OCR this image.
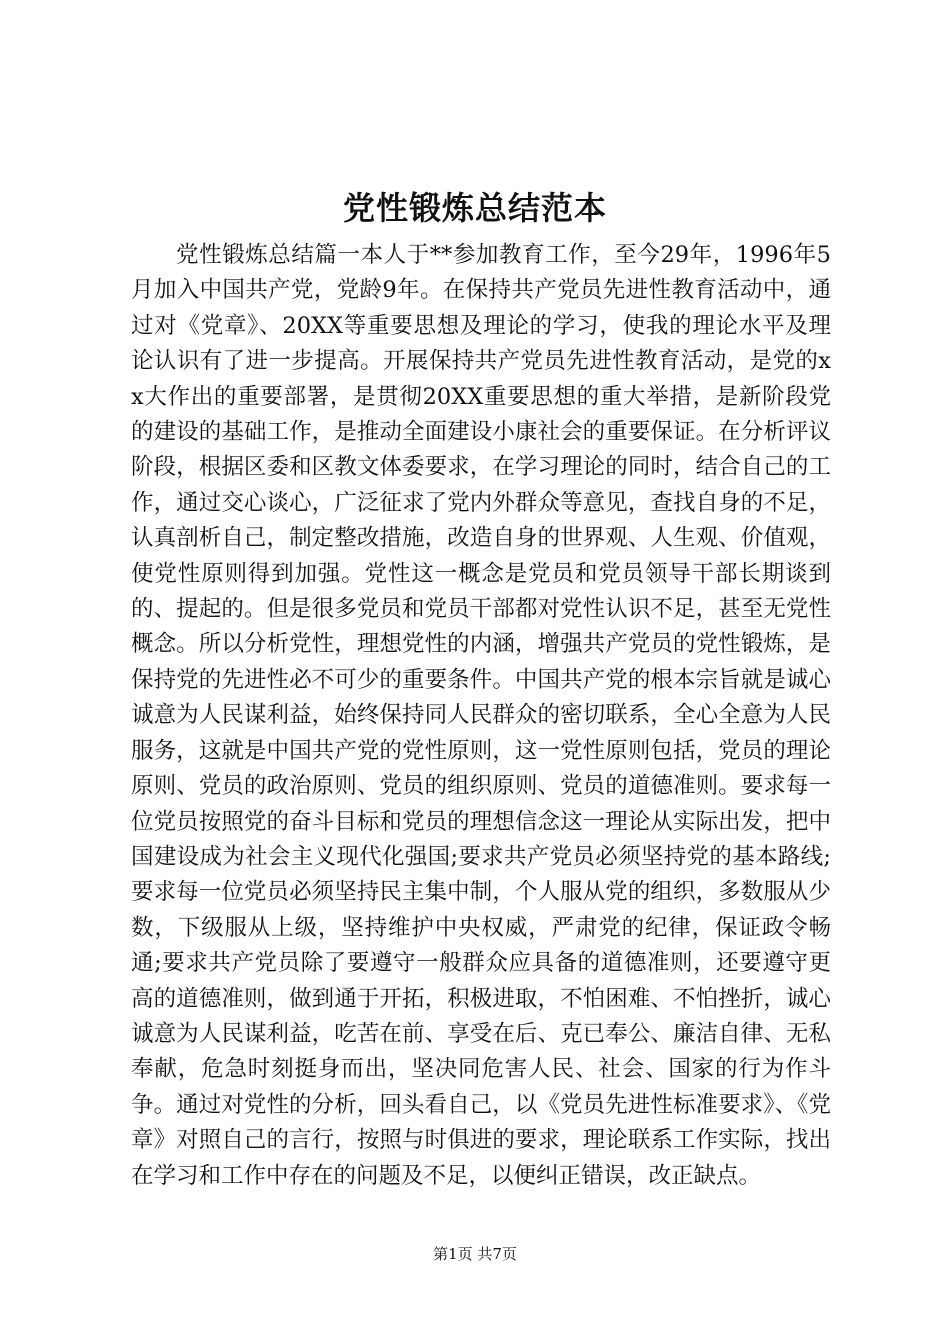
党性锻炼总结范本
党性锻炼总结篇一本人于**参加教育工作，至今29年，1996年5月加入中国共产党，党龄9年。在保持共产党员先进性教育活动中，通过对《党章》、20XX等重要思想及理论的学习，使我的理论水平及理论认识有了进一步提高。开展保持共产党员先进性教育活动，是党的xx大作出的重要部署，是贯彻20XX重要思想的重大举措，是新阶段党的建设的基础工作，是推动全面建设小康社会的重要保证。在分析评议阶段，根据区委和区教文体委要求，在学习理论的同时，结合自己的工作，通过交心谈心，广泛征求了党内外群众等意见，查找自身的不足，认真剖析自己，制定整改措施，改造自身的世界观、人生观、价值观，使党性原则得到加强。党性这一概念是党员和党员领导干部长期谈到的、提起的。但是很多党员和党员干部都对党性认识不足，甚至无党性概念。所以分析党性，理想党性的内涵，增强共产党员的党性锻炼，是保持党的先进性必不可少的重要条件。中国共产党的根本宗旨就是诚心诚意为人民谋利益，始终保持同人民群众的密切联系，全心全意为人民服务，这就是中国共产党的党性原则，这一党性原则包括，党员的理论原则、党员的政治原则、党员的组织原则、党员的道德准则。要求每一位党员按照党的奋斗目标和党员的理想信念这一理论从实际出发，把中国建设成为社会主义现代化强国;要求共产党员必须坚持党的基本路线;要求每一位党员必须坚持民主集中制，个人服从党的组织，多数服从少数，下级服从上级，坚持维护中央权威，严肃党的纪律，保证政令畅通;要求共产党员除了要遵守一般群众应具备的道德准则，还要遵守更高的道德准则，做到通于开拓，积极进取，不怕困难、不怕挫折，诚心诚意为人民谋利益，吃苦在前、享受在后、克已奉公、廉洁自律、无私奉献，危急时刻挺身而出，坚决同危害人民、社会、国家的行为作斗争。通过对党性的分析，回头看自己，以《党员先进性标准要求》、《党章》对照自己的言行，按照与时俱进的要求，理论联系工作实际，找出在学习和工作中存在的问题及不足，以便纠正错误，改正缺点。
第1页 共7页
